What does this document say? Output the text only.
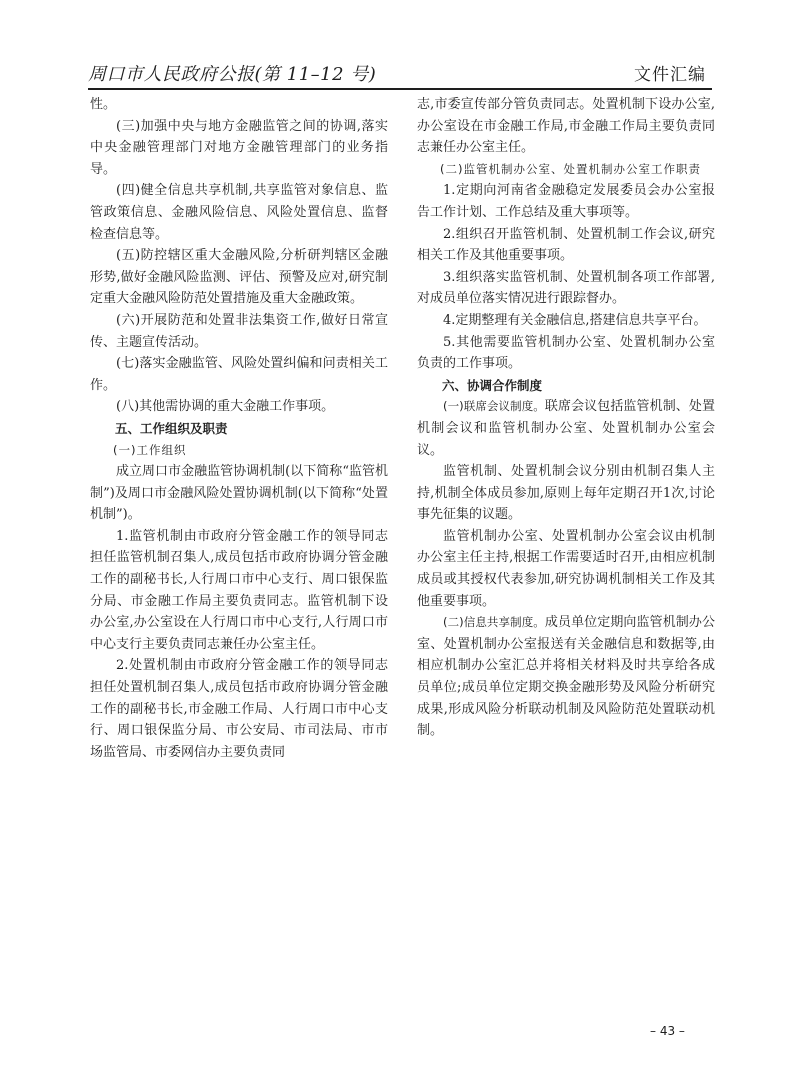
周口市人民政府公报(第 11–12 号)	文件汇编

性。

(三)加强中央与地方金融监管之间的协调,落实中央金融管理部门对地方金融管理部门的业务指导。

(四)健全信息共享机制,共享监管对象信息、监管政策信息、金融风险信息、风险处置信息、监督检查信息等。

(五)防控辖区重大金融风险,分析研判辖区金融形势,做好金融风险监测、评估、预警及应对,研究制定重大金融风险防范处置措施及重大金融政策。

(六)开展防范和处置非法集资工作,做好日常宣传、主题宣传活动。

(七)落实金融监管、风险处置纠偏和问责相关工作。

(八)其他需协调的重大金融工作事项。

五、工作组织及职责

(一)工作组织

成立周口市金融监管协调机制(以下简称“监管机制”)及周口市金融风险处置协调机制(以下简称“处置机制”)。

1.监管机制由市政府分管金融工作的领导同志担任监管机制召集人,成员包括市政府协调分管金融工作的副秘书长,人行周口市中心支行、周口银保监分局、市金融工作局主要负责同志。监管机制下设办公室,办公室设在人行周口市中心支行,人行周口市中心支行主要负责同志兼任办公室主任。

2.处置机制由市政府分管金融工作的领导同志担任处置机制召集人,成员包括市政府协调分管金融工作的副秘书长,市金融工作局、人行周口市中心支行、周口银保监分局、市公安局、市司法局、市市场监管局、市委网信办主要负责同

志,市委宣传部分管负责同志。处置机制下设办公室,办公室设在市金融工作局,市金融工作局主要负责同志兼任办公室主任。

(二)监管机制办公室、处置机制办公室工作职责

1.定期向河南省金融稳定发展委员会办公室报告工作计划、工作总结及重大事项等。

2.组织召开监管机制、处置机制工作会议,研究相关工作及其他重要事项。

3.组织落实监管机制、处置机制各项工作部署,对成员单位落实情况进行跟踪督办。

4.定期整理有关金融信息,搭建信息共享平台。

5.其他需要监管机制办公室、处置机制办公室负责的工作事项。

六、协调合作制度

(一)联席会议制度。联席会议包括监管机制、处置机制会议和监管机制办公室、处置机制办公室会议。

监管机制、处置机制会议分别由机制召集人主持,机制全体成员参加,原则上每年定期召开1次,讨论事先征集的议题。

监管机制办公室、处置机制办公室会议由机制办公室主任主持,根据工作需要适时召开,由相应机制成员或其授权代表参加,研究协调机制相关工作及其他重要事项。

(二)信息共享制度。成员单位定期向监管机制办公室、处置机制办公室报送有关金融信息和数据等,由相应机制办公室汇总并将相关材料及时共享给各成员单位;成员单位定期交换金融形势及风险分析研究成果,形成风险分析联动机制及风险防范处置联动机制。

– 43 –
